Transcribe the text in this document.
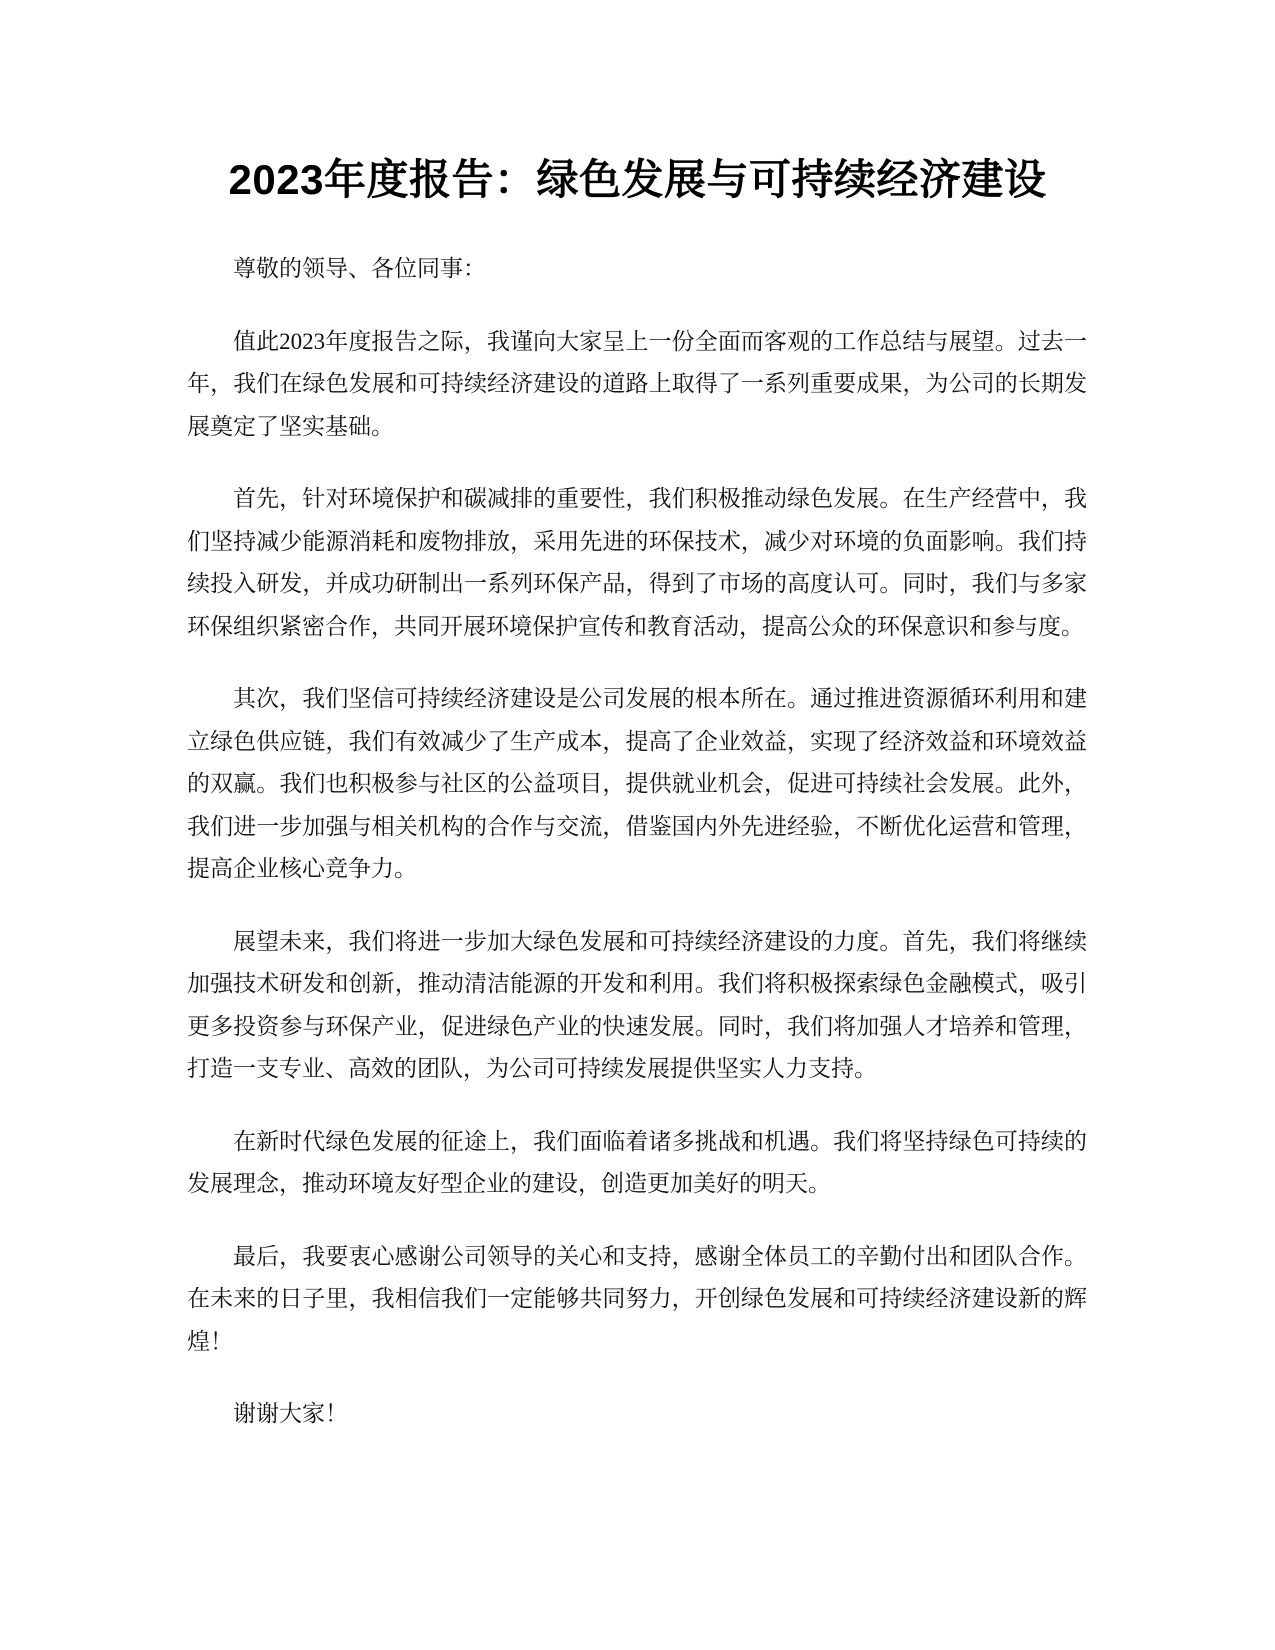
2023年度报告：绿色发展与可持续经济建设

尊敬的领导、各位同事：

值此2023年度报告之际，我谨向大家呈上一份全面而客观的工作总结与展望。过去一年，我们在绿色发展和可持续经济建设的道路上取得了一系列重要成果，为公司的长期发展奠定了坚实基础。

首先，针对环境保护和碳减排的重要性，我们积极推动绿色发展。在生产经营中，我们坚持减少能源消耗和废物排放，采用先进的环保技术，减少对环境的负面影响。我们持续投入研发，并成功研制出一系列环保产品，得到了市场的高度认可。同时，我们与多家环保组织紧密合作，共同开展环境保护宣传和教育活动，提高公众的环保意识和参与度。

其次，我们坚信可持续经济建设是公司发展的根本所在。通过推进资源循环利用和建立绿色供应链，我们有效减少了生产成本，提高了企业效益，实现了经济效益和环境效益的双赢。我们也积极参与社区的公益项目，提供就业机会，促进可持续社会发展。此外，我们进一步加强与相关机构的合作与交流，借鉴国内外先进经验，不断优化运营和管理，提高企业核心竞争力。

展望未来，我们将进一步加大绿色发展和可持续经济建设的力度。首先，我们将继续加强技术研发和创新，推动清洁能源的开发和利用。我们将积极探索绿色金融模式，吸引更多投资参与环保产业，促进绿色产业的快速发展。同时，我们将加强人才培养和管理，打造一支专业、高效的团队，为公司可持续发展提供坚实人力支持。

在新时代绿色发展的征途上，我们面临着诸多挑战和机遇。我们将坚持绿色可持续的发展理念，推动环境友好型企业的建设，创造更加美好的明天。

最后，我要衷心感谢公司领导的关心和支持，感谢全体员工的辛勤付出和团队合作。在未来的日子里，我相信我们一定能够共同努力，开创绿色发展和可持续经济建设新的辉煌！

谢谢大家！
